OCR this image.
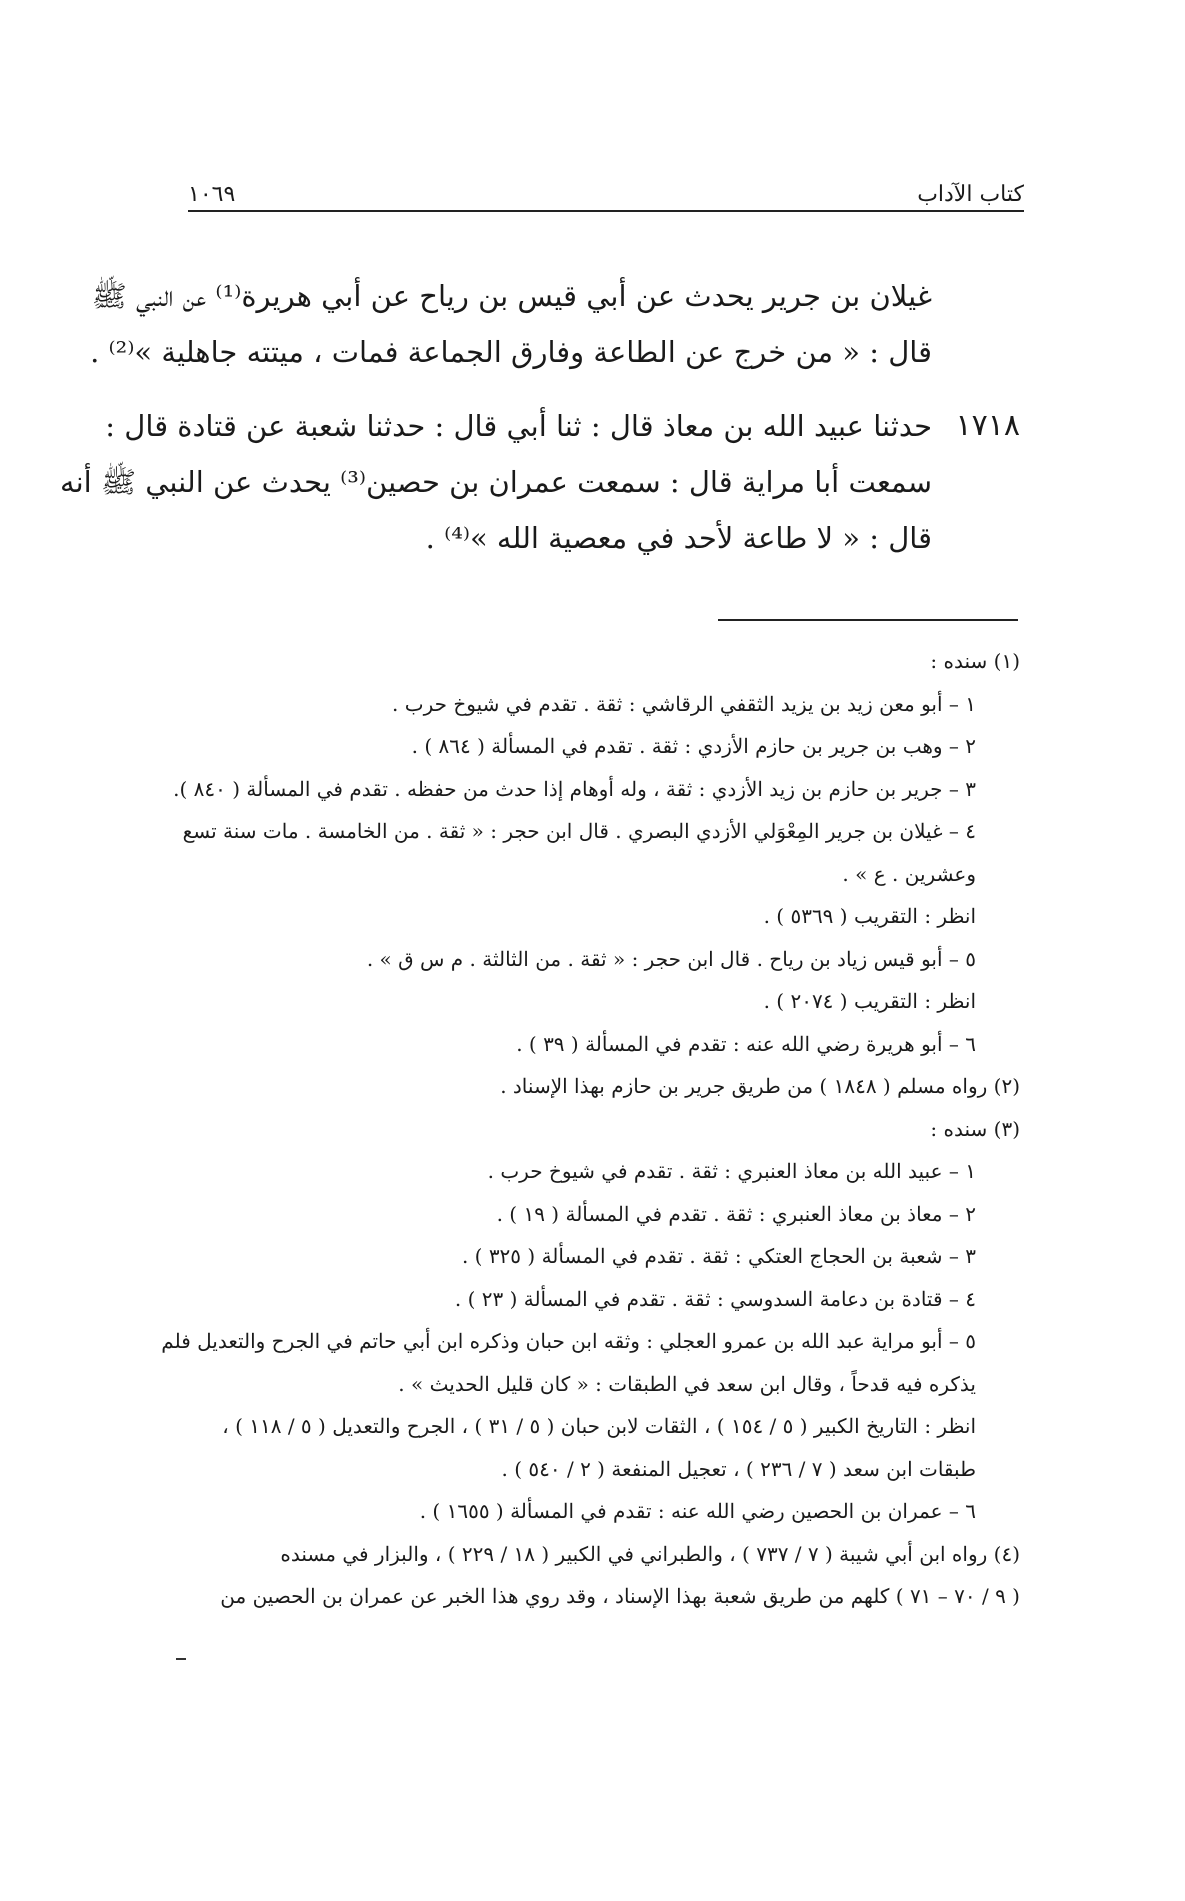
كتاب الآداب
١٠٦٩
غيلان بن جرير يحدث عن أبي قيس بن رياح عن أبي هريرة⁽¹⁾ عن النبي ﷺ
قال : « من خرج عن الطاعة وفارق الجماعة فمات ، ميتته جاهلية »⁽²⁾ .
١٧١٨
حدثنا عبيد الله بن معاذ قال : ثنا أبي قال : حدثنا شعبة عن قتادة قال :
سمعت أبا مراية قال : سمعت عمران بن حصين⁽³⁾ يحدث عن النبي ﷺ أنه
قال : « لا طاعة لأحد في معصية الله »⁽⁴⁾ .
(١) سنده :
١ – أبو معن زيد بن يزيد الثقفي الرقاشي : ثقة . تقدم في شيوخ حرب .
٢ – وهب بن جرير بن حازم الأزدي : ثقة . تقدم في المسألة ( ٨٦٤ ) .
٣ – جرير بن حازم بن زيد الأزدي : ثقة ، وله أوهام إذا حدث من حفظه . تقدم في المسألة ( ٨٤٠ ).
٤ – غيلان بن جرير المِعْوَلي الأزدي البصري . قال ابن حجر : « ثقة . من الخامسة . مات سنة تسع
وعشرين . ع » .
انظر : التقريب ( ٥٣٦٩ ) .
٥ – أبو قيس زياد بن رياح . قال ابن حجر : « ثقة . من الثالثة . م س ق » .
انظر : التقريب ( ٢٠٧٤ ) .
٦ – أبو هريرة رضي الله عنه : تقدم في المسألة ( ٣٩ ) .
(٢) رواه مسلم ( ١٨٤٨ ) من طريق جرير بن حازم بهذا الإسناد .
(٣) سنده :
١ – عبيد الله بن معاذ العنبري : ثقة . تقدم في شيوخ حرب .
٢ – معاذ بن معاذ العنبري : ثقة . تقدم في المسألة ( ١٩ ) .
٣ – شعبة بن الحجاج العتكي : ثقة . تقدم في المسألة ( ٣٢٥ ) .
٤ – قتادة بن دعامة السدوسي : ثقة . تقدم في المسألة ( ٢٣ ) .
٥ – أبو مراية عبد الله بن عمرو العجلي : وثقه ابن حبان وذكره ابن أبي حاتم في الجرح والتعديل فلم
يذكره فيه قدحاً ، وقال ابن سعد في الطبقات : « كان قليل الحديث » .
انظر : التاريخ الكبير ( ٥ / ١٥٤ ) ، الثقات لابن حبان ( ٥ / ٣١ ) ، الجرح والتعديل ( ٥ / ١١٨ ) ،
طبقات ابن سعد ( ٧ / ٢٣٦ ) ، تعجيل المنفعة ( ٢ / ٥٤٠ ) .
٦ – عمران بن الحصين رضي الله عنه : تقدم في المسألة ( ١٦٥٥ ) .
(٤) رواه ابن أبي شيبة ( ٧ / ٧٣٧ ) ، والطبراني في الكبير ( ١٨ / ٢٢٩ ) ، والبزار في مسنده
( ٩ / ٧٠ – ٧١ ) كلهم من طريق شعبة بهذا الإسناد ، وقد روي هذا الخبر عن عمران بن الحصين من
